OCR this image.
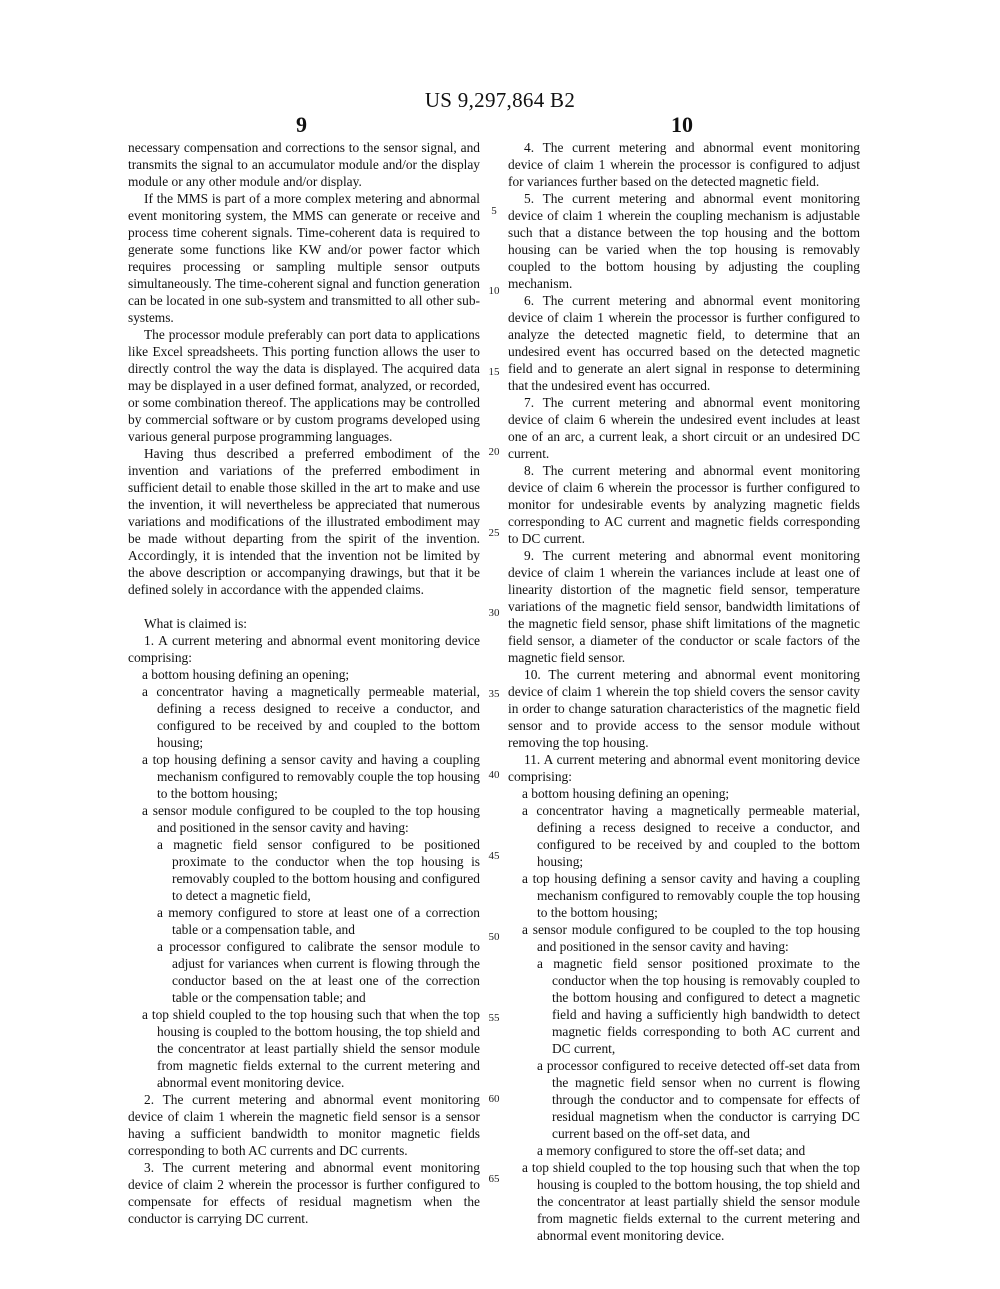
US 9,297,864 B2
9	10

necessary compensation and corrections to the sensor signal, and transmits the signal to an accumulator module and/or the display module or any other module and/or display.

If the MMS is part of a more complex metering and abnormal event monitoring system, the MMS can generate or receive and process time coherent signals. Time-coherent data is required to generate some functions like KW and/or power factor which requires processing or sampling multiple sensor outputs simultaneously. The time-coherent signal and function generation can be located in one sub-system and transmitted to all other sub-systems.

The processor module preferably can port data to applications like Excel spreadsheets. This porting function allows the user to directly control the way the data is displayed. The acquired data may be displayed in a user defined format, analyzed, or recorded, or some combination thereof. The applications may be controlled by commercial software or by custom programs developed using various general purpose programming languages.

Having thus described a preferred embodiment of the invention and variations of the preferred embodiment in sufficient detail to enable those skilled in the art to make and use the invention, it will nevertheless be appreciated that numerous variations and modifications of the illustrated embodiment may be made without departing from the spirit of the invention. Accordingly, it is intended that the invention not be limited by the above description or accompanying drawings, but that it be defined solely in accordance with the appended claims.

What is claimed is:

1. A current metering and abnormal event monitoring device comprising:

a bottom housing defining an opening;

a concentrator having a magnetically permeable material, defining a recess designed to receive a conductor, and configured to be received by and coupled to the bottom housing;

a top housing defining a sensor cavity and having a coupling mechanism configured to removably couple the top housing to the bottom housing;

a sensor module configured to be coupled to the top housing and positioned in the sensor cavity and having:

a magnetic field sensor configured to be positioned proximate to the conductor when the top housing is removably coupled to the bottom housing and configured to detect a magnetic field,

a memory configured to store at least one of a correction table or a compensation table, and

a processor configured to calibrate the sensor module to adjust for variances when current is flowing through the conductor based on the at least one of the correction table or the compensation table; and

a top shield coupled to the top housing such that when the top housing is coupled to the bottom housing, the top shield and the concentrator at least partially shield the sensor module from magnetic fields external to the current metering and abnormal event monitoring device.

2. The current metering and abnormal event monitoring device of claim 1 wherein the magnetic field sensor is a sensor having a sufficient bandwidth to monitor magnetic fields corresponding to both AC currents and DC currents.

3. The current metering and abnormal event monitoring device of claim 2 wherein the processor is further configured to compensate for effects of residual magnetism when the conductor is carrying DC current.

4. The current metering and abnormal event monitoring device of claim 1 wherein the processor is configured to adjust for variances further based on the detected magnetic field.

5. The current metering and abnormal event monitoring device of claim 1 wherein the coupling mechanism is adjustable such that a distance between the top housing and the bottom housing can be varied when the top housing is removably coupled to the bottom housing by adjusting the coupling mechanism.

6. The current metering and abnormal event monitoring device of claim 1 wherein the processor is further configured to analyze the detected magnetic field, to determine that an undesired event has occurred based on the detected magnetic field and to generate an alert signal in response to determining that the undesired event has occurred.

7. The current metering and abnormal event monitoring device of claim 6 wherein the undesired event includes at least one of an arc, a current leak, a short circuit or an undesired DC current.

8. The current metering and abnormal event monitoring device of claim 6 wherein the processor is further configured to monitor for undesirable events by analyzing magnetic fields corresponding to AC current and magnetic fields corresponding to DC current.

9. The current metering and abnormal event monitoring device of claim 1 wherein the variances include at least one of linearity distortion of the magnetic field sensor, temperature variations of the magnetic field sensor, bandwidth limitations of the magnetic field sensor, phase shift limitations of the magnetic field sensor, a diameter of the conductor or scale factors of the magnetic field sensor.

10. The current metering and abnormal event monitoring device of claim 1 wherein the top shield covers the sensor cavity in order to change saturation characteristics of the magnetic field sensor and to provide access to the sensor module without removing the top housing.

11. A current metering and abnormal event monitoring device comprising:

a bottom housing defining an opening;

a concentrator having a magnetically permeable material, defining a recess designed to receive a conductor, and configured to be received by and coupled to the bottom housing;

a top housing defining a sensor cavity and having a coupling mechanism configured to removably couple the top housing to the bottom housing;

a sensor module configured to be coupled to the top housing and positioned in the sensor cavity and having:

a magnetic field sensor positioned proximate to the conductor when the top housing is removably coupled to the bottom housing and configured to detect a magnetic field and having a sufficiently high bandwidth to detect magnetic fields corresponding to both AC current and DC current,

a processor configured to receive detected off-set data from the magnetic field sensor when no current is flowing through the conductor and to compensate for effects of residual magnetism when the conductor is carrying DC current based on the off-set data, and

a memory configured to store the off-set data; and

a top shield coupled to the top housing such that when the top housing is coupled to the bottom housing, the top shield and the concentrator at least partially shield the sensor module from magnetic fields external to the current metering and abnormal event monitoring device.

5
10
15
20
25
30
35
40
45
50
55
60
65
